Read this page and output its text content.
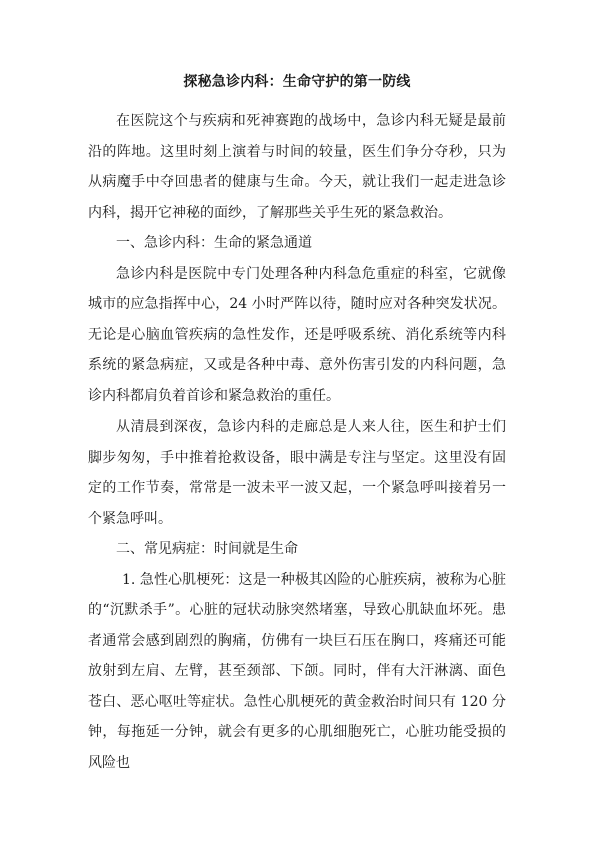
探秘急诊内科：生命守护的第一防线

在医院这个与疾病和死神赛跑的战场中，急诊内科无疑是最前沿的阵地。这里时刻上演着与时间的较量，医生们争分夺秒，只为从病魔手中夺回患者的健康与生命。今天，就让我们一起走进急诊内科，揭开它神秘的面纱，了解那些关乎生死的紧急救治。

一、急诊内科：生命的紧急通道

急诊内科是医院中专门处理各种内科急危重症的科室，它就像城市的应急指挥中心，24 小时严阵以待，随时应对各种突发状况。无论是心脑血管疾病的急性发作，还是呼吸系统、消化系统等内科系统的紧急病症，又或是各种中毒、意外伤害引发的内科问题，急诊内科都肩负着首诊和紧急救治的重任。

从清晨到深夜，急诊内科的走廊总是人来人往，医生和护士们脚步匆匆，手中推着抢救设备，眼中满是专注与坚定。这里没有固定的工作节奏，常常是一波未平一波又起，一个紧急呼叫接着另一个紧急呼叫。

二、常见病症：时间就是生命

1. 急性心肌梗死：这是一种极其凶险的心脏疾病，被称为心脏的“沉默杀手”。心脏的冠状动脉突然堵塞，导致心肌缺血坏死。患者通常会感到剧烈的胸痛，仿佛有一块巨石压在胸口，疼痛还可能放射到左肩、左臂，甚至颈部、下颌。同时，伴有大汗淋漓、面色苍白、恶心呕吐等症状。急性心肌梗死的黄金救治时间只有 120 分钟，每拖延一分钟，就会有更多的心肌细胞死亡，心脏功能受损的风险也
